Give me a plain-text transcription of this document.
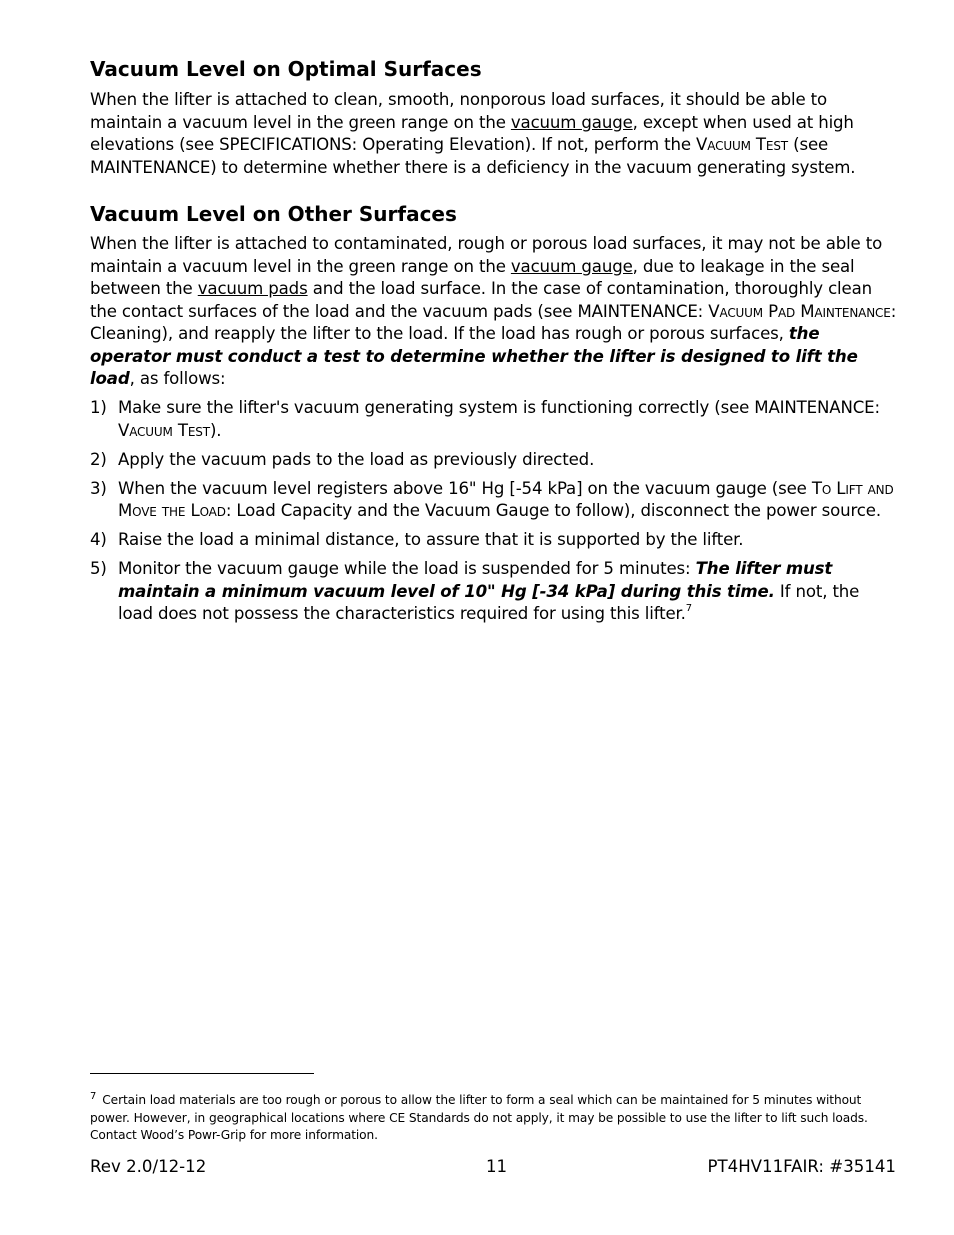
Vacuum Level on Optimal Surfaces

When the lifter is attached to clean, smooth, nonporous load surfaces, it should be able to maintain a vacuum level in the green range on the vacuum gauge, except when used at high elevations (see SPECIFICATIONS: Operating Elevation). If not, perform the Vacuum Test (see MAINTENANCE) to determine whether there is a deficiency in the vacuum generating system.

Vacuum Level on Other Surfaces

When the lifter is attached to contaminated, rough or porous load surfaces, it may not be able to maintain a vacuum level in the green range on the vacuum gauge, due to leakage in the seal between the vacuum pads and the load surface. In the case of contamination, thoroughly clean the contact surfaces of the load and the vacuum pads (see MAINTENANCE: Vacuum Pad Maintenance: Cleaning), and reapply the lifter to the load. If the load has rough or porous surfaces, the operator must conduct a test to determine whether the lifter is designed to lift the load, as follows:

1) Make sure the lifter's vacuum generating system is functioning correctly (see MAINTENANCE: Vacuum Test).
2) Apply the vacuum pads to the load as previously directed.
3) When the vacuum level registers above 16" Hg [-54 kPa] on the vacuum gauge (see To Lift and Move the Load: Load Capacity and the Vacuum Gauge to follow), disconnect the power source.
4) Raise the load a minimal distance, to assure that it is supported by the lifter.
5) Monitor the vacuum gauge while the load is suspended for 5 minutes: The lifter must maintain a minimum vacuum level of 10" Hg [-34 kPa] during this time. If not, the load does not possess the characteristics required for using this lifter.$^7$
$^7$ Certain load materials are too rough or porous to allow the lifter to form a seal which can be maintained for 5 minutes without power. However, in geographical locations where CE Standards do not apply, it may be possible to use the lifter to lift such loads. Contact Wood’s Powr-Grip for more information.
Rev 2.0/12-12	11	PT4HV11FAIR: #35141
